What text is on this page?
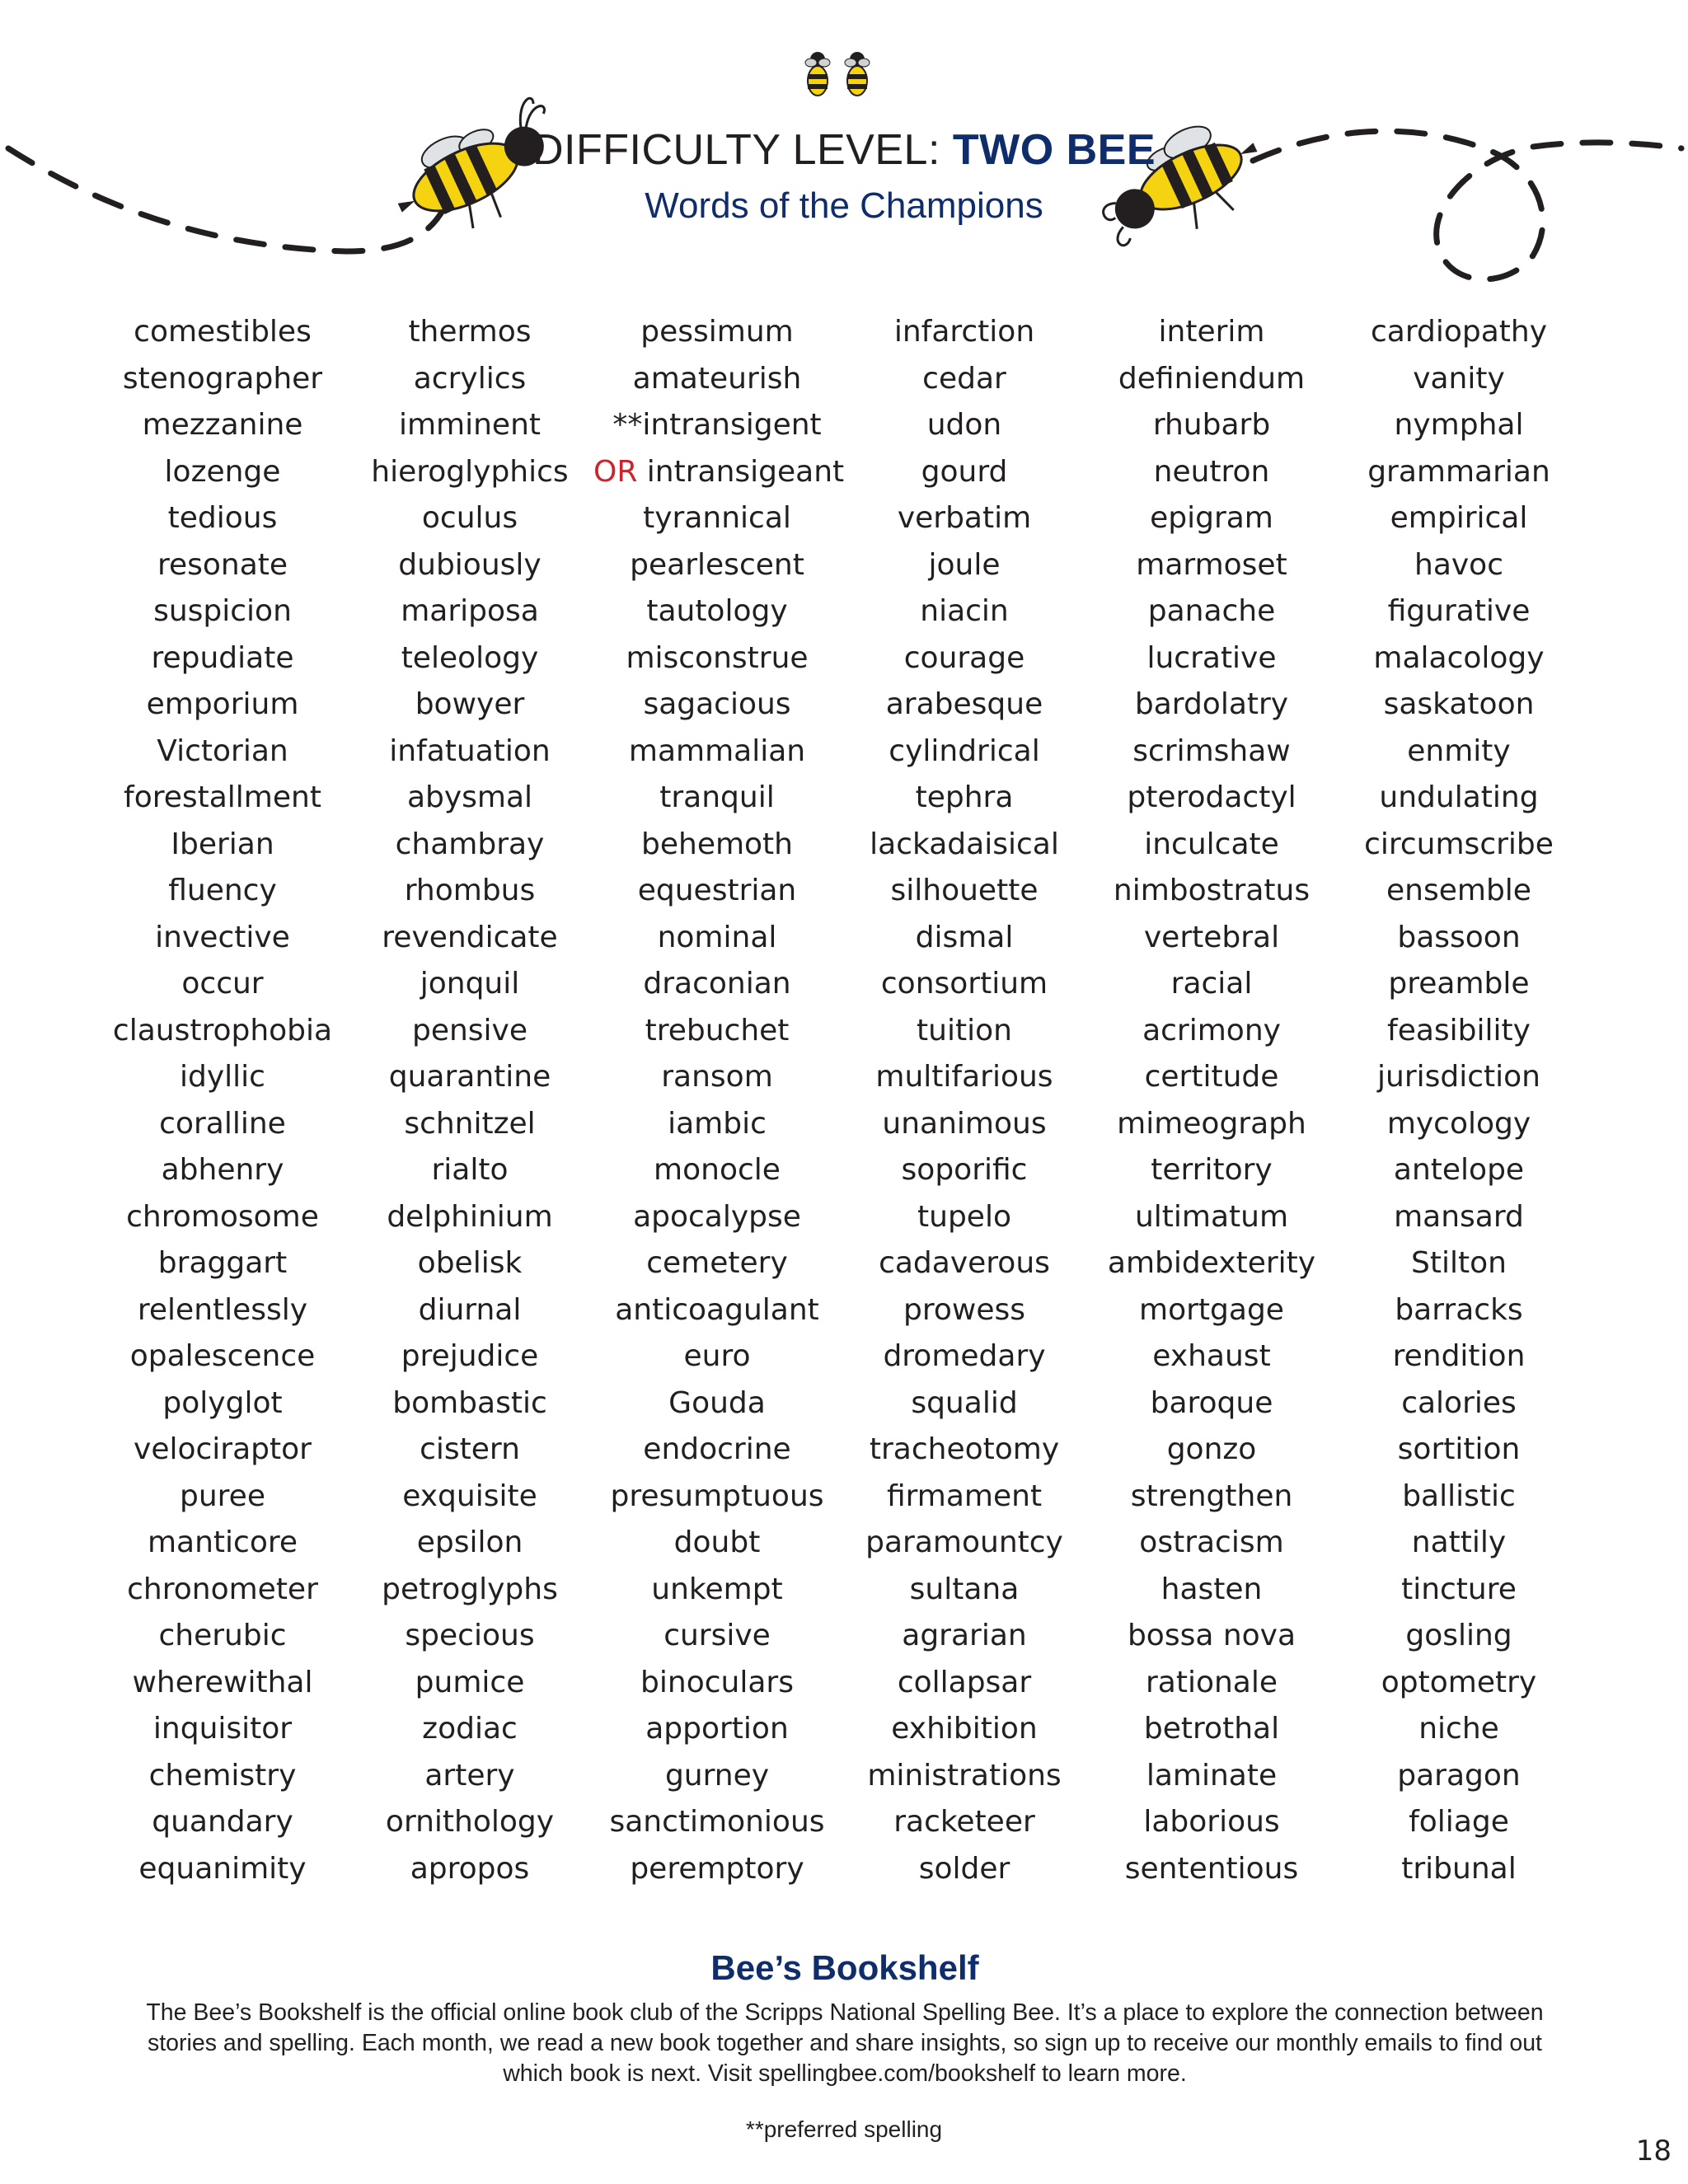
DIFFICULTY LEVEL: TWO BEE
Words of the Champions
comestibles
stenographer
mezzanine
lozenge
tedious
resonate
suspicion
repudiate
emporium
Victorian
forestallment
Iberian
fluency
invective
occur
claustrophobia
idyllic
coralline
abhenry
chromosome
braggart
relentlessly
opalescence
polyglot
velociraptor
puree
manticore
chronometer
cherubic
wherewithal
inquisitor
chemistry
quandary
equanimity
thermos
acrylics
imminent
hieroglyphics
oculus
dubiously
mariposa
teleology
bowyer
infatuation
abysmal
chambray
rhombus
revendicate
jonquil
pensive
quarantine
schnitzel
rialto
delphinium
obelisk
diurnal
prejudice
bombastic
cistern
exquisite
epsilon
petroglyphs
specious
pumice
zodiac
artery
ornithology
apropos
pessimum
amateurish
**intransigent
OR intransigeant
tyrannical
pearlescent
tautology
misconstrue
sagacious
mammalian
tranquil
behemoth
equestrian
nominal
draconian
trebuchet
ransom
iambic
monocle
apocalypse
cemetery
anticoagulant
euro
Gouda
endocrine
presumptuous
doubt
unkempt
cursive
binoculars
apportion
gurney
sanctimonious
peremptory
infarction
cedar
udon
gourd
verbatim
joule
niacin
courage
arabesque
cylindrical
tephra
lackadaisical
silhouette
dismal
consortium
tuition
multifarious
unanimous
soporific
tupelo
cadaverous
prowess
dromedary
squalid
tracheotomy
firmament
paramountcy
sultana
agrarian
collapsar
exhibition
ministrations
racketeer
solder
interim
definiendum
rhubarb
neutron
epigram
marmoset
panache
lucrative
bardolatry
scrimshaw
pterodactyl
inculcate
nimbostratus
vertebral
racial
acrimony
certitude
mimeograph
territory
ultimatum
ambidexterity
mortgage
exhaust
baroque
gonzo
strengthen
ostracism
hasten
bossa nova
rationale
betrothal
laminate
laborious
sententious
cardiopathy
vanity
nymphal
grammarian
empirical
havoc
figurative
malacology
saskatoon
enmity
undulating
circumscribe
ensemble
bassoon
preamble
feasibility
jurisdiction
mycology
antelope
mansard
Stilton
barracks
rendition
calories
sortition
ballistic
nattily
tincture
gosling
optometry
niche
paragon
foliage
tribunal
Bee’s Bookshelf
The Bee’s Bookshelf is the official online book club of the Scripps National Spelling Bee. It’s a place to explore the connection between
stories and spelling. Each month, we read a new book together and share insights, so sign up to receive our monthly emails to find out
which book is next. Visit spellingbee.com/bookshelf to learn more.
**preferred spelling
18
